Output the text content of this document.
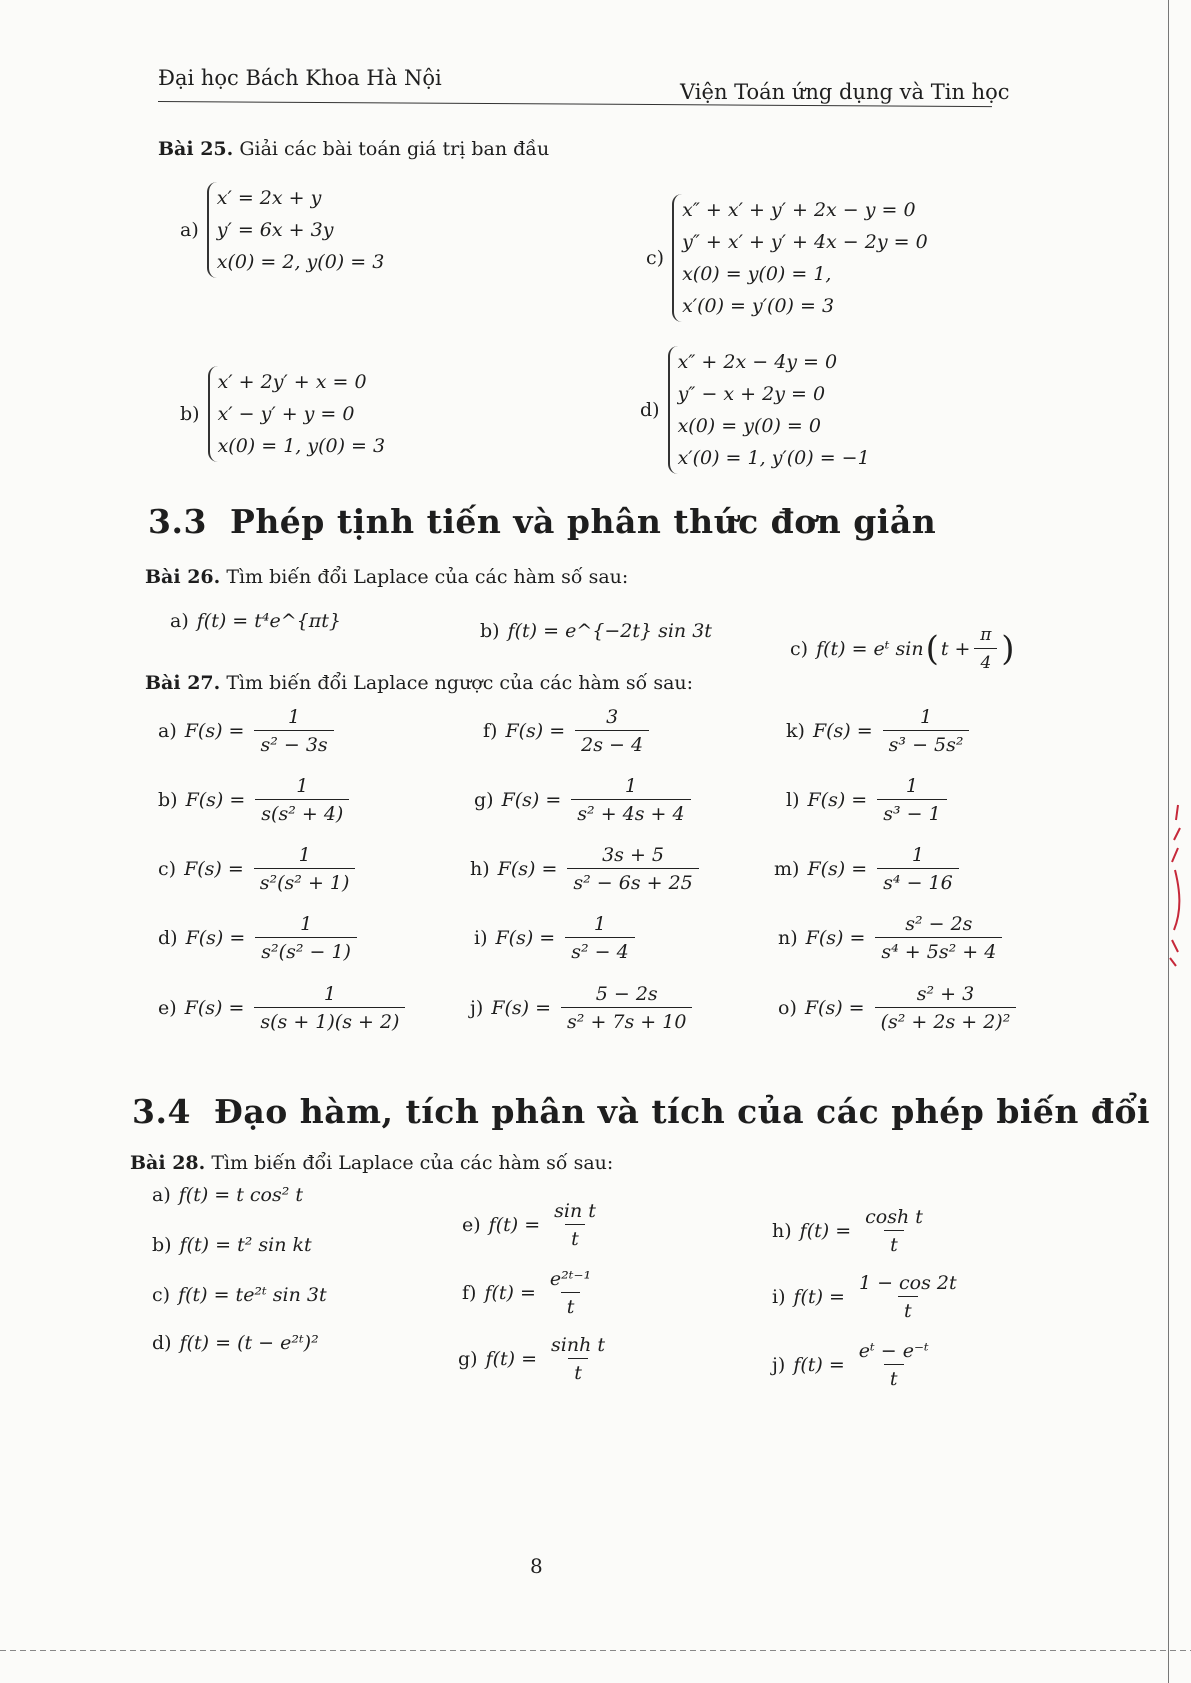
Đại học Bách Khoa Hà Nội
Viện Toán ứng dụng và Tin học
Bài 25. Giải các bài toán giá trị ban đầu
a)
x′ = 2x + y
y′ = 6x + 3y
x(0) = 2, y(0) = 3
b)
x′ + 2y′ + x = 0
x′ − y′ + y = 0
x(0) = 1, y(0) = 3
c)
x″ + x′ + y′ + 2x − y = 0
y″ + x′ + y′ + 4x − 2y = 0
x(0) = y(0) = 1,
x′(0) = y′(0) = 3
d)
x″ + 2x − 4y = 0
y″ − x + 2y = 0
x(0) = y(0) = 0
x′(0) = 1, y′(0) = −1
3.3 Phép tịnh tiến và phân thức đơn giản
Bài 26. Tìm biến đổi Laplace của các hàm số sau:
a) f(t) = t⁴e^{πt}	b) f(t) = e^{−2t} sin 3t
c) f(t) = eᵗ sin ( $t + \frac{\pi}{4}$ )
Bài 27. Tìm biến đổi Laplace ngược của các hàm số sau:
a) $F(s) = \frac{1}{\text{s² − 3s}}$
b) $F(s) = \frac{1}{\text{s(s² + 4)}}$
c) $F(s) = \frac{1}{\text{s²(s² + 1)}}$
d) $F(s) = \frac{1}{\text{s²(s² − 1)}}$
e) $F(s) = \frac{1}{s(s + 1)(s + 2)}$
f) $F(s) = \frac{3}{2s - 4}$
g) $F(s) = \frac{1}{\text{s² + 4s + 4}}$
h) $F(s) = \frac{3s + 5}{\text{s² − 6s + 25}}$
i) $F(s) = \frac{1}{\text{s² − 4}}$
j) $F(s) = \frac{5 - 2s}{\text{s² + 7s + 10}}$
k) $F(s) = \frac{1}{\text{s³ − 5s²}}$
l) $F(s) = \frac{1}{\text{s³ − 1}}$
m) $F(s) = \frac{1}{\text{s⁴ − 16}}$
n) $F(s) = \frac{\text{s² − 2s}}{\text{s⁴ + 5s² + 4}}$
o) $F(s) = \frac{\text{s² + 3}}{\text{(s² + 2s + 2)²}}$
3.4 Đạo hàm, tích phân và tích của các phép biến đổi
Bài 28. Tìm biến đổi Laplace của các hàm số sau:
a) f(t) = t cos² t
b) f(t) = t² sin kt
c) f(t) = te²ᵗ sin 3t
d) f(t) = (t − e²ᵗ)²
e) $f(t) = \frac{\text{sin t}}{t}$
f) $f(t) = \frac{\text{e²ᵗ⁻¹}}{t}$
g) $f(t) = \frac{\text{sinh t}}{t}$
h) $f(t) = \frac{\text{cosh t}}{t}$
i) $f(t) = \frac{1 - \cos 2t}{t}$
j) $f(t) = \frac{\text{eᵗ − e⁻ᵗ}}{t}$
8
